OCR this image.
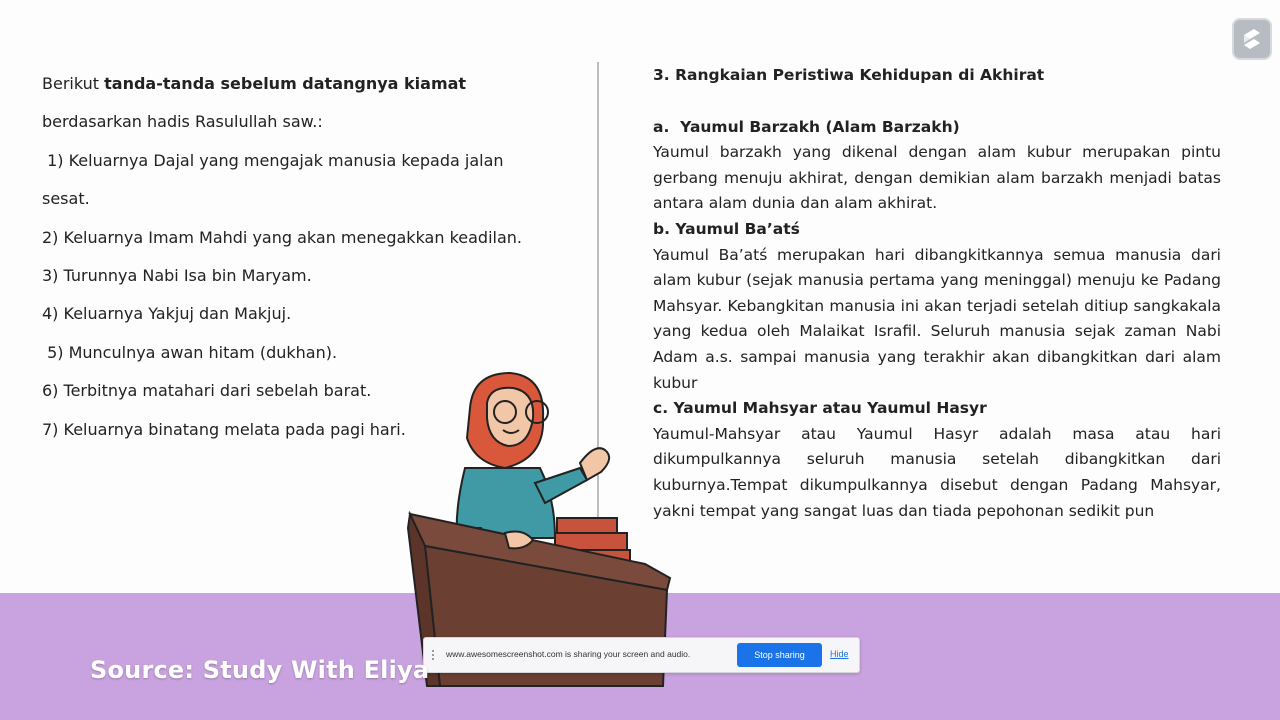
Berikut tanda-tanda sebelum datangnya kiamat
berdasarkan hadis Rasulullah saw.:
1) Keluarnya Dajal yang mengajak manusia kepada jalan
sesat.
2) Keluarnya Imam Mahdi yang akan menegakkan keadilan.
3) Turunnya Nabi Isa bin Maryam.
4) Keluarnya Yakjuj dan Makjuj.
5) Munculnya awan hitam (dukhan).
6) Terbitnya matahari dari sebelah barat.
7) Keluarnya binatang melata pada pagi hari.
3. Rangkaian Peristiwa Kehidupan di Akhirat
a.  Yaumul Barzakh (Alam Barzakh)

Yaumul barzakh yang dikenal dengan alam kubur merupakan pintu gerbang menuju akhirat, dengan demikian alam barzakh menjadi batas antara alam dunia dan alam akhirat.

b. Yaumul Ba’atś

Yaumul Ba’atś merupakan hari dibangkitkannya semua manusia dari alam kubur (sejak manusia pertama yang meninggal) menuju ke Padang Mahsyar. Kebangkitan manusia ini akan terjadi setelah ditiup sangkakala yang kedua oleh Malaikat Israfil. Seluruh manusia sejak zaman Nabi Adam a.s. sampai manusia yang terakhir akan dibangkitkan dari alam kubur

c. Yaumul Mahsyar atau Yaumul Hasyr

Yaumul-Mahsyar atau Yaumul Hasyr adalah masa atau hari dikumpulkannya seluruh manusia setelah dibangkitkan dari kuburnya.Tempat dikumpulkannya disebut dengan Padang Mahsyar, yakni tempat yang sangat luas dan tiada pepohonan sedikit pun

www.awesomescreenshot.com is sharing your screen and audio.	Stop sharing	Hide
Source: Study With Eliya
